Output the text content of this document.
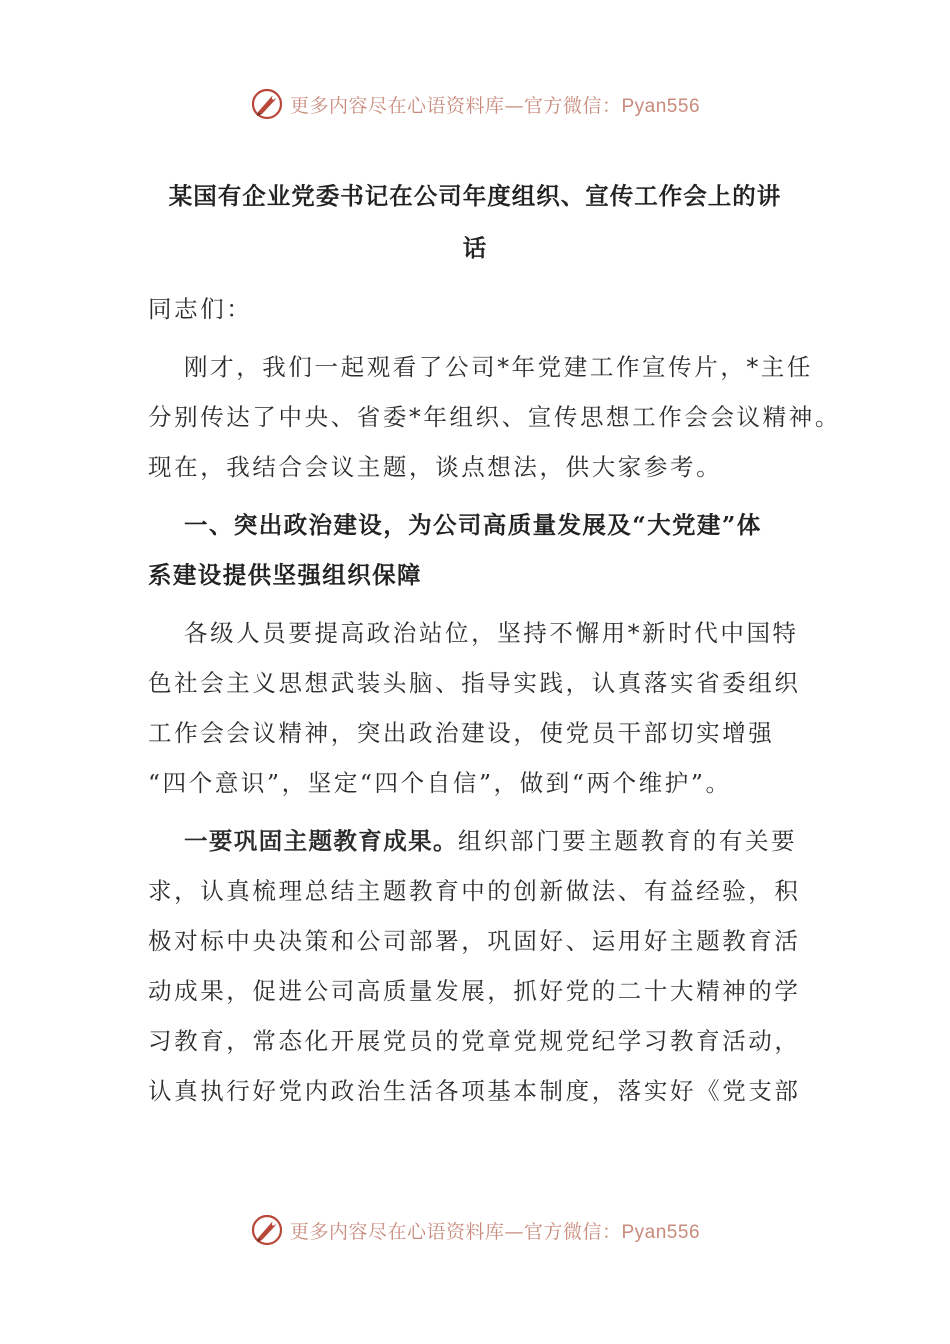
更多内容尽在心语资料库—官方微信：Pyan556
某国有企业党委书记在公司年度组织、宣传工作会上的讲
话
同志们：
刚才，我们一起观看了公司*年党建工作宣传片，*主任
分别传达了中央、省委*年组织、宣传思想工作会会议精神。
现在，我结合会议主题，谈点想法，供大家参考。
一、突出政治建设，为公司高质量发展及“大党建”体
系建设提供坚强组织保障
各级人员要提高政治站位，坚持不懈用*新时代中国特
色社会主义思想武装头脑、指导实践，认真落实省委组织
工作会会议精神，突出政治建设，使党员干部切实增强
“四个意识”，坚定“四个自信”，做到“两个维护”。
一要巩固主题教育成果。组织部门要主题教育的有关要
求，认真梳理总结主题教育中的创新做法、有益经验，积
极对标中央决策和公司部署，巩固好、运用好主题教育活
动成果，促进公司高质量发展，抓好党的二十大精神的学
习教育，常态化开展党员的党章党规党纪学习教育活动，
认真执行好党内政治生活各项基本制度，落实好《党支部
更多内容尽在心语资料库—官方微信：Pyan556
